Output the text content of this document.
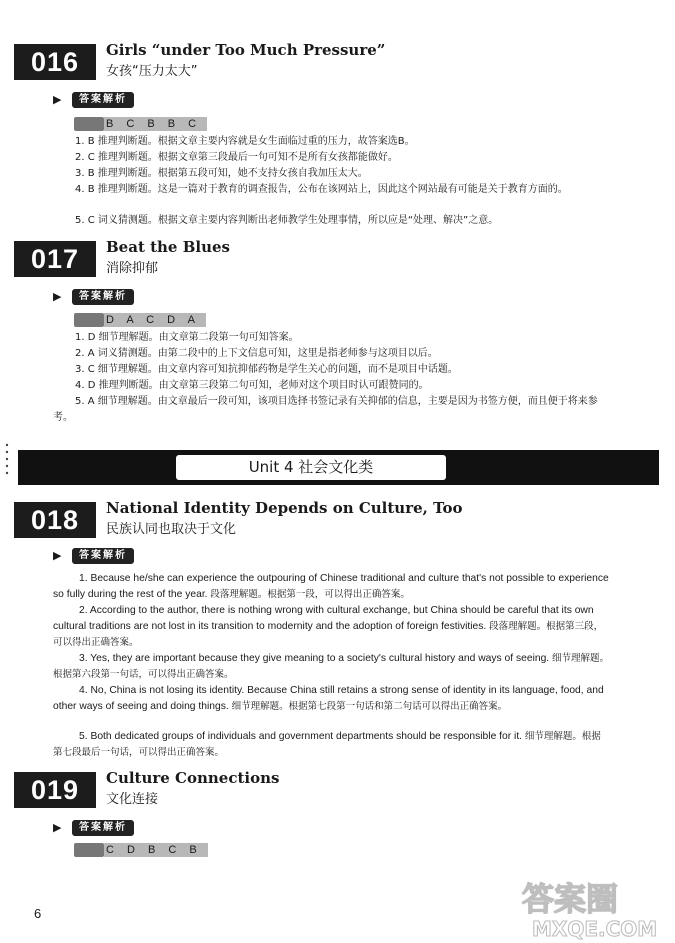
016	Girls “under Too Much Pressure”
女孩“压力太大”
▶	答案解析
B C B B C
1. B 推理判断题。根据文章主要内容就是女生面临过重的压力，故答案选B。
2. C 推理判断题。根据文章第三段最后一句可知不是所有女孩都能做好。
3. B 推理判断题。根据第五段可知，她不支持女孩自我加压太大。
4. B 推理判断题。这是一篇对于教育的调查报告，公布在该网站上，因此这个网站最有可能是关于教育方面的。
5. C 词义猜测题。根据文章主要内容判断出老师教学生处理事情，所以应是“处理、解决”之意。
017	Beat the Blues
消除抑郁
▶	答案解析
D A C D A
1. D 细节理解题。由文章第二段第一句可知答案。
2. A 词义猜测题。由第二段中的上下文信息可知，这里是指老师参与这项目以后。
3. C 细节理解题。由文章内容可知抗抑郁药物是学生关心的问题，而不是项目中话题。
4. D 推理判断题。由文章第三段第二句可知，老师对这个项目时认可跟赞同的。
5. A 细节理解题。由文章最后一段可知，该项目选择书签记录有关抑郁的信息，主要是因为书签方便，而且便于将来参考。
Unit 4 社会文化类
018	National Identity Depends on Culture, Too
民族认同也取决于文化
▶	答案解析
1. Because he/she can experience the outpouring of Chinese traditional and culture that's not possible to experience so fully during the rest of the year. 段落理解题。根据第一段，可以得出正确答案。
2. According to the author, there is nothing wrong with cultural exchange, but China should be careful that its own cultural traditions are not lost in its transition to modernity and the adoption of foreign festivities. 段落理解题。根据第三段，可以得出正确答案。
3. Yes, they are important because they give meaning to a society's cultural history and ways of seeing. 细节理解题。根据第六段第一句话，可以得出正确答案。
4. No, China is not losing its identity. Because China still retains a strong sense of identity in its language, food, and other ways of seeing and doing things. 细节理解题。根据第七段第一句话和第二句话可以得出正确答案。
5. Both dedicated groups of individuals and government departments should be responsible for it. 细节理解题。根据第七段最后一句话，可以得出正确答案。
019	Culture Connections
文化连接
▶	答案解析
C D B C B
6	答案圈
MXQE.COM
